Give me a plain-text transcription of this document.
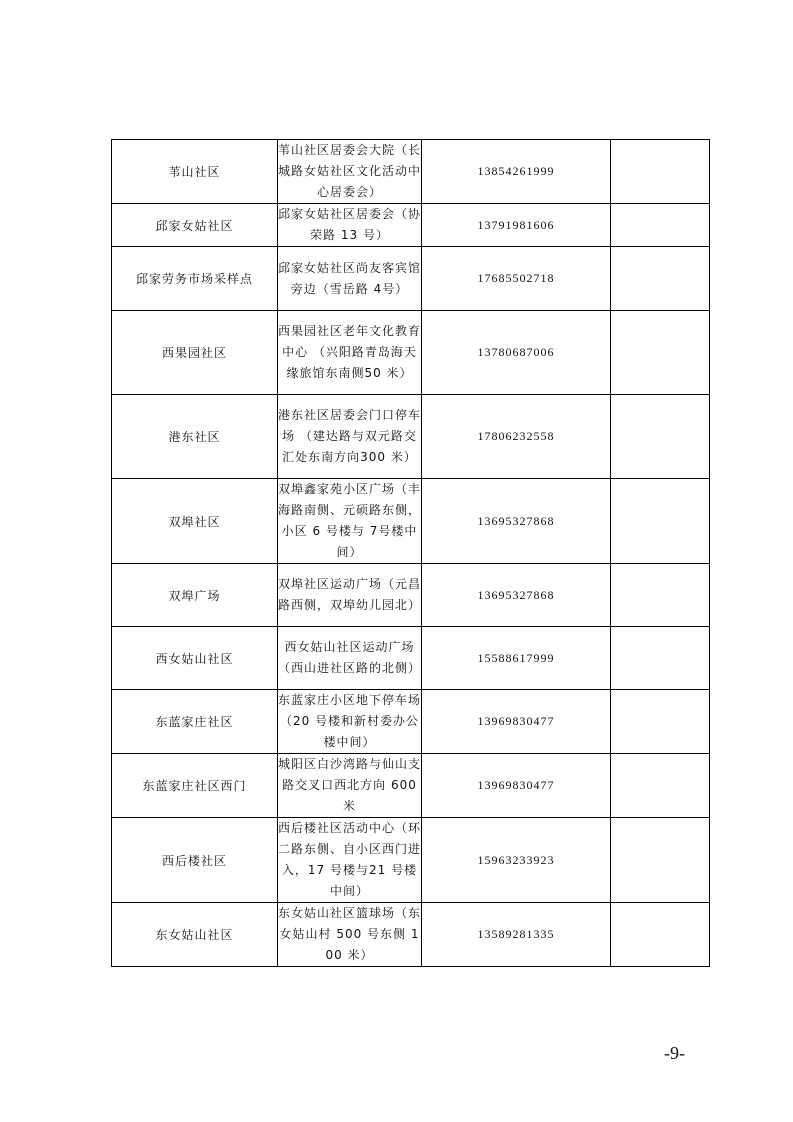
苇山社区	苇山社区居委会大院（长城路女姑社区文化活动中心居委会）	13854261999	
邱家女姑社区	邱家女姑社区居委会（协荣路 13 号）	13791981606	
邱家劳务市场采样点	邱家女姑社区尚友客宾馆旁边（雪岳路 4号）	17685502718	
西果园社区	西果园社区老年文化教育中心 （兴阳路青岛海天缘旅馆东南侧50 米）	13780687006	
港东社区	港东社区居委会门口停车场 （建达路与双元路交汇处东南方向300 米）	17806232558	
双埠社区	双埠鑫家苑小区广场（丰海路南侧、元硕路东侧，小区 6 号楼与 7号楼中间）	13695327868	
双埠广场	双埠社区运动广场（元昌路西侧，双埠幼儿园北）	13695327868	
西女姑山社区	西女姑山社区运动广场（西山进社区路的北侧）	15588617999	
东蓝家庄社区	东蓝家庄小区地下停车场（20 号楼和新村委办公楼中间）	13969830477	
东蓝家庄社区西门	城阳区白沙湾路与仙山支路交叉口西北方向 600 米	13969830477	
西后楼社区	西后楼社区活动中心（环二路东侧、自小区西门进入，17 号楼与21 号楼中间）	15963233923	
东女姑山社区	东女姑山社区篮球场（东女姑山村 500 号东侧 100 米）	13589281335	
-9-
